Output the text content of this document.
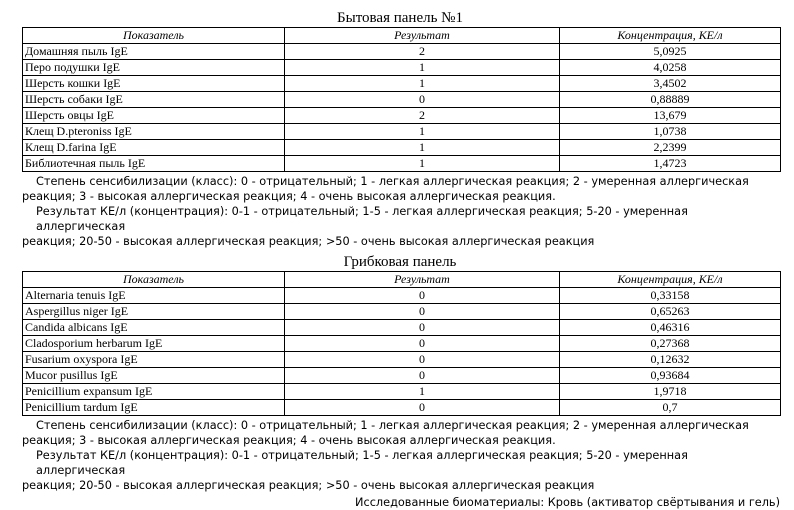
Бытовая панель №1
Показатель	Результат	Концентрация, КЕ/л
Домашняя пыль IgE	2	5,0925
Перо подушки IgE	1	4,0258
Шерсть кошки IgE	1	3,4502
Шерсть собаки IgE	0	0,88889
Шерсть овцы IgE	2	13,679
Клещ D.pteroniss IgE	1	1,0738
Клещ D.farina IgE	1	2,2399
Библиотечная пыль IgE	1	1,4723

Степень сенсибилизации (класс): 0 - отрицательный; 1 - легкая аллергическая реакция; 2 - умеренная аллергическая

реакция; 3 - высокая аллергическая реакция; 4 - очень высокая аллергическая реакция.

Результат КЕ/л (концентрация): 0-1 - отрицательный; 1-5 - легкая аллергическая реакция; 5-20 - умеренная аллергическая

реакция; 20-50 - высокая аллергическая реакция; >50 - очень высокая аллергическая реакция

Грибковая панель
Показатель	Результат	Концентрация, КЕ/л
Alternaria tenuis IgE	0	0,33158
Aspergillus niger IgE	0	0,65263
Candida albicans IgE	0	0,46316
Cladosporium herbarum IgE	0	0,27368
Fusarium oxyspora IgE	0	0,12632
Mucor pusillus IgE	0	0,93684
Penicillium expansum IgE	1	1,9718
Penicillium tardum IgE	0	0,7

Степень сенсибилизации (класс): 0 - отрицательный; 1 - легкая аллергическая реакция; 2 - умеренная аллергическая

реакция; 3 - высокая аллергическая реакция; 4 - очень высокая аллергическая реакция.

Результат КЕ/л (концентрация): 0-1 - отрицательный; 1-5 - легкая аллергическая реакция; 5-20 - умеренная аллергическая

реакция; 20-50 - высокая аллергическая реакция; >50 - очень высокая аллергическая реакция

Исследованные биоматериалы: Кровь (активатор свёртывания и гель)
